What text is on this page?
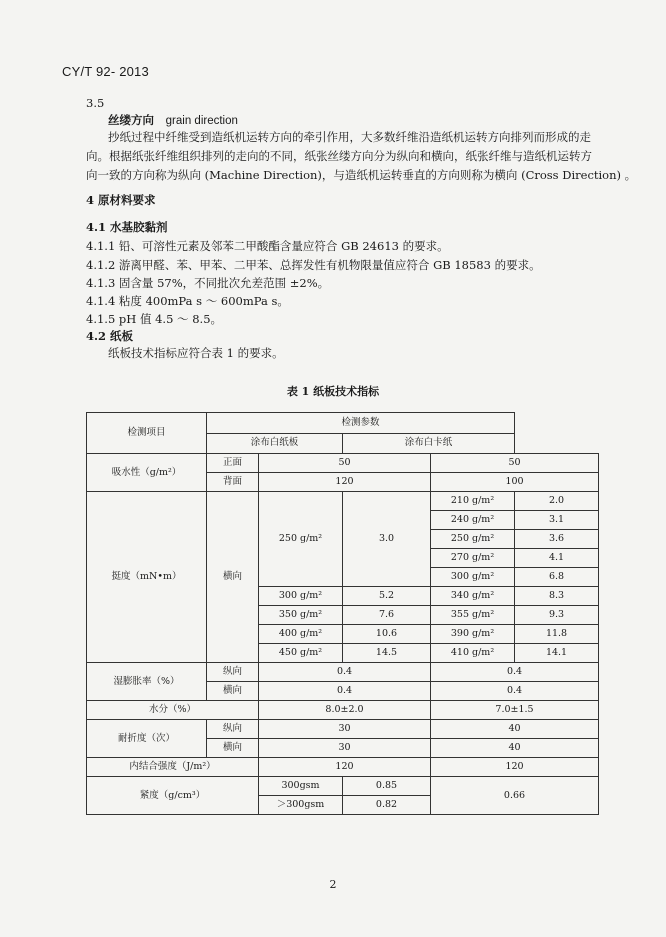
CY/T 92- 2013
3.5
丝缕方向 grain direction
抄纸过程中纤维受到造纸机运转方向的牵引作用，大多数纤维沿造纸机运转方向排列而形成的走
向。根据纸张纤维组织排列的走向的不同，纸张丝缕方向分为纵向和横向，纸张纤维与造纸机运转方
向一致的方向称为纵向 (Machine Direction)，与造纸机运转垂直的方向则称为横向 (Cross Direction) 。
4 原材料要求
4.1 水基胶黏剂
4.1.1 铅、可溶性元素及邻苯二甲酸酯含量应符合 GB 24613 的要求。
4.1.2 游离甲醛、苯、甲苯、二甲苯、总挥发性有机物限量值应符合 GB 18583 的要求。
4.1.3 固含量 57%，不同批次允差范围 ±2%。
4.1.4 粘度 400mPa s ～ 600mPa s。
4.1.5 pH 值 4.5 ～ 8.5。
4.2 纸板
纸板技术指标应符合表 1 的要求。
表 1 纸板技术指标
检测项目	检测参数				
	涂布白纸板		涂布白卡纸		
吸水性（g/m²）	正面	50		50	
	背面	120		100	
挺度（mN•m）	横向	250 g/m²	3.0	210 g/m²	2.0
				240 g/m²	3.1
				250 g/m²	3.6
				270 g/m²	4.1
				300 g/m²	6.8
		300 g/m²	5.2	340 g/m²	8.3
		350 g/m²	7.6	355 g/m²	9.3
		400 g/m²	10.6	390 g/m²	11.8
		450 g/m²	14.5	410 g/m²	14.1
湿膨胀率（%）	纵向	0.4		0.4	
	横向	0.4		0.4	
水分（%）		8.0±2.0		7.0±1.5	
耐折度（次）	纵向	30		40	
	横向	30		40	
内结合强度（J/m²）		120		120	
紧度（g/cm³）		300gsm	0.85	0.66	
		＞300gsm	0.82		
2
